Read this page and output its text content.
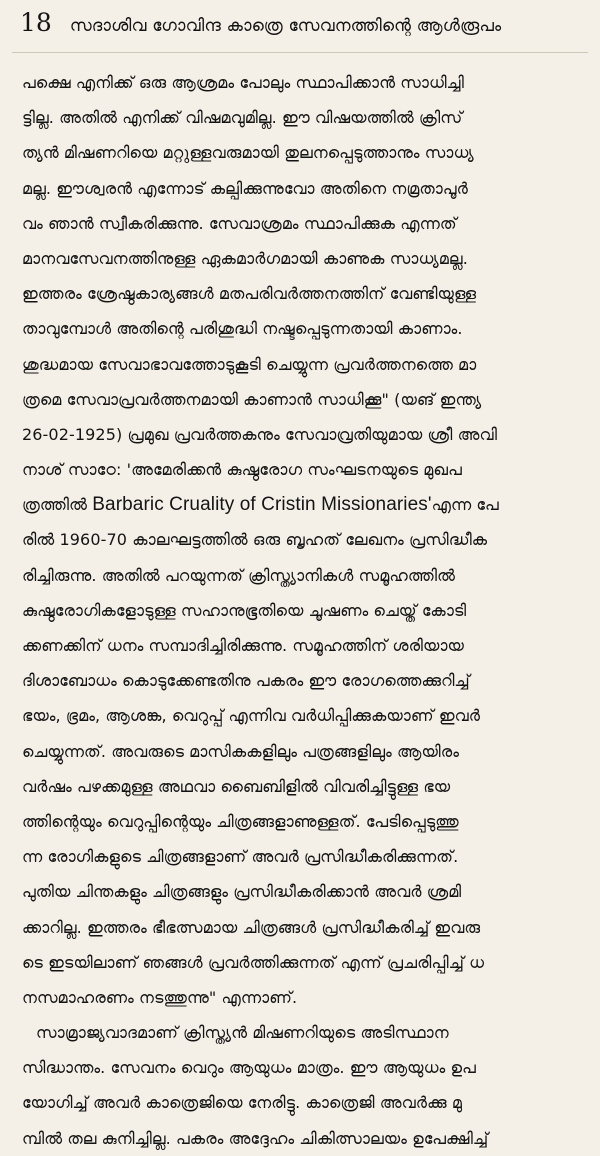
18 സദാശിവ ഗോവിന്ദ കാത്രെ സേവനത്തിന്റെ ആൾരൂപം
പക്ഷെ എനിക്ക് ഒരു ആശ്രമം പോലും സ്ഥാപിക്കാൻ സാധിച്ചി
ട്ടില്ല. അതിൽ എനിക്ക് വിഷമവുമില്ല. ഈ വിഷയത്തിൽ ക്രിസ്
ത്യൻ മിഷണറിയെ മറ്റുള്ളവരുമായി തുലനപ്പെടുത്താനും സാധ്യ
മല്ല. ഈശ്വരൻ എന്നോട് കല്പിക്കുന്നുവോ അതിനെ നമ്രതാപൂർ
വം ഞാൻ സ്വീകരിക്കുന്നു. സേവാശ്രമം സ്ഥാപിക്കുക എന്നത്
മാനവസേവനത്തിനുള്ള ഏകമാർഗമായി കാണുക സാധ്യമല്ല.
ഇത്തരം ശ്രേഷ്ഠകാര്യങ്ങൾ മതപരിവർത്തനത്തിന് വേണ്ടിയുള്ള
താവുമ്പോൾ അതിന്റെ പരിശുദ്ധി നഷ്ടപ്പെടുന്നതായി കാണാം.
ശുദ്ധമായ സേവാഭാവത്തോടുകൂടി ചെയ്യുന്ന പ്രവർത്തനത്തെ മാ
ത്രമെ സേവാപ്രവർത്തനമായി കാണാൻ സാധിക്കൂ" (യങ് ഇന്ത്യ
26-02-1925) പ്രമുഖ പ്രവർത്തകനും സേവാവ്രതിയുമായ ശ്രീ അവി
നാശ് സാഠേ: 'അമേരിക്കൻ കുഷ്ഠരോഗ സംഘടനയുടെ മുഖപ
ത്രത്തിൽ Barbaric Cruality of Cristin Missionaries'എന്ന പേ
രിൽ 1960-70 കാലഘട്ടത്തിൽ ഒരു ബൃഹത് ലേഖനം പ്രസിദ്ധീക
രിച്ചിരുന്നു. അതിൽ പറയുന്നത് ക്രിസ്ത്യാനികൾ സമൂഹത്തിൽ
കുഷ്ഠരോഗികളോടുള്ള സഹാനുഭൂതിയെ ചൂഷണം ചെയ്ത് കോടി
ക്കണക്കിന് ധനം സമ്പാദിച്ചിരിക്കുന്നു. സമൂഹത്തിന് ശരിയായ
ദിശാബോധം കൊടുക്കേണ്ടതിനു പകരം ഈ രോഗത്തെക്കുറിച്ച്
ഭയം, ഭ്രമം, ആശങ്ക, വെറുപ്പ് എന്നിവ വർധിപ്പിക്കുകയാണ് ഇവർ
ചെയ്യുന്നത്. അവരുടെ മാസികകളിലും പത്രങ്ങളിലും ആയിരം
വർഷം പഴക്കമുള്ള അഥവാ ബൈബിളിൽ വിവരിച്ചിട്ടുള്ള ഭയ
ത്തിന്റെയും വെറുപ്പിന്റെയും ചിത്രങ്ങളാണുള്ളത്. പേടിപ്പെടുത്തു
ന്ന രോഗികളുടെ ചിത്രങ്ങളാണ് അവർ പ്രസിദ്ധീകരിക്കുന്നത്.
പുതിയ ചിന്തകളും ചിത്രങ്ങളും പ്രസിദ്ധീകരിക്കാൻ അവർ ശ്രമി
ക്കാറില്ല. ഇത്തരം ഭീഭത്സമായ ചിത്രങ്ങൾ പ്രസിദ്ധീകരിച്ച് ഇവരു
ടെ ഇടയിലാണ് ഞങ്ങൾ പ്രവർത്തിക്കുന്നത് എന്ന് പ്രചരിപ്പിച്ച് ധ
നസമാഹരണം നടത്തുന്നു" എന്നാണ്.
സാമ്രാജ്യവാദമാണ് ക്രിസ്ത്യൻ മിഷണറിയുടെ അടിസ്ഥാന
സിദ്ധാന്തം. സേവനം വെറും ആയുധം മാത്രം. ഈ ആയുധം ഉപ
യോഗിച്ച് അവർ കാത്രെജിയെ നേരിട്ടു. കാത്രെജി അവർക്കു മു
മ്പിൽ തല കുനിച്ചില്ല. പകരം അദ്ദേഹം ചികിത്സാലയം ഉപേക്ഷിച്ച്
